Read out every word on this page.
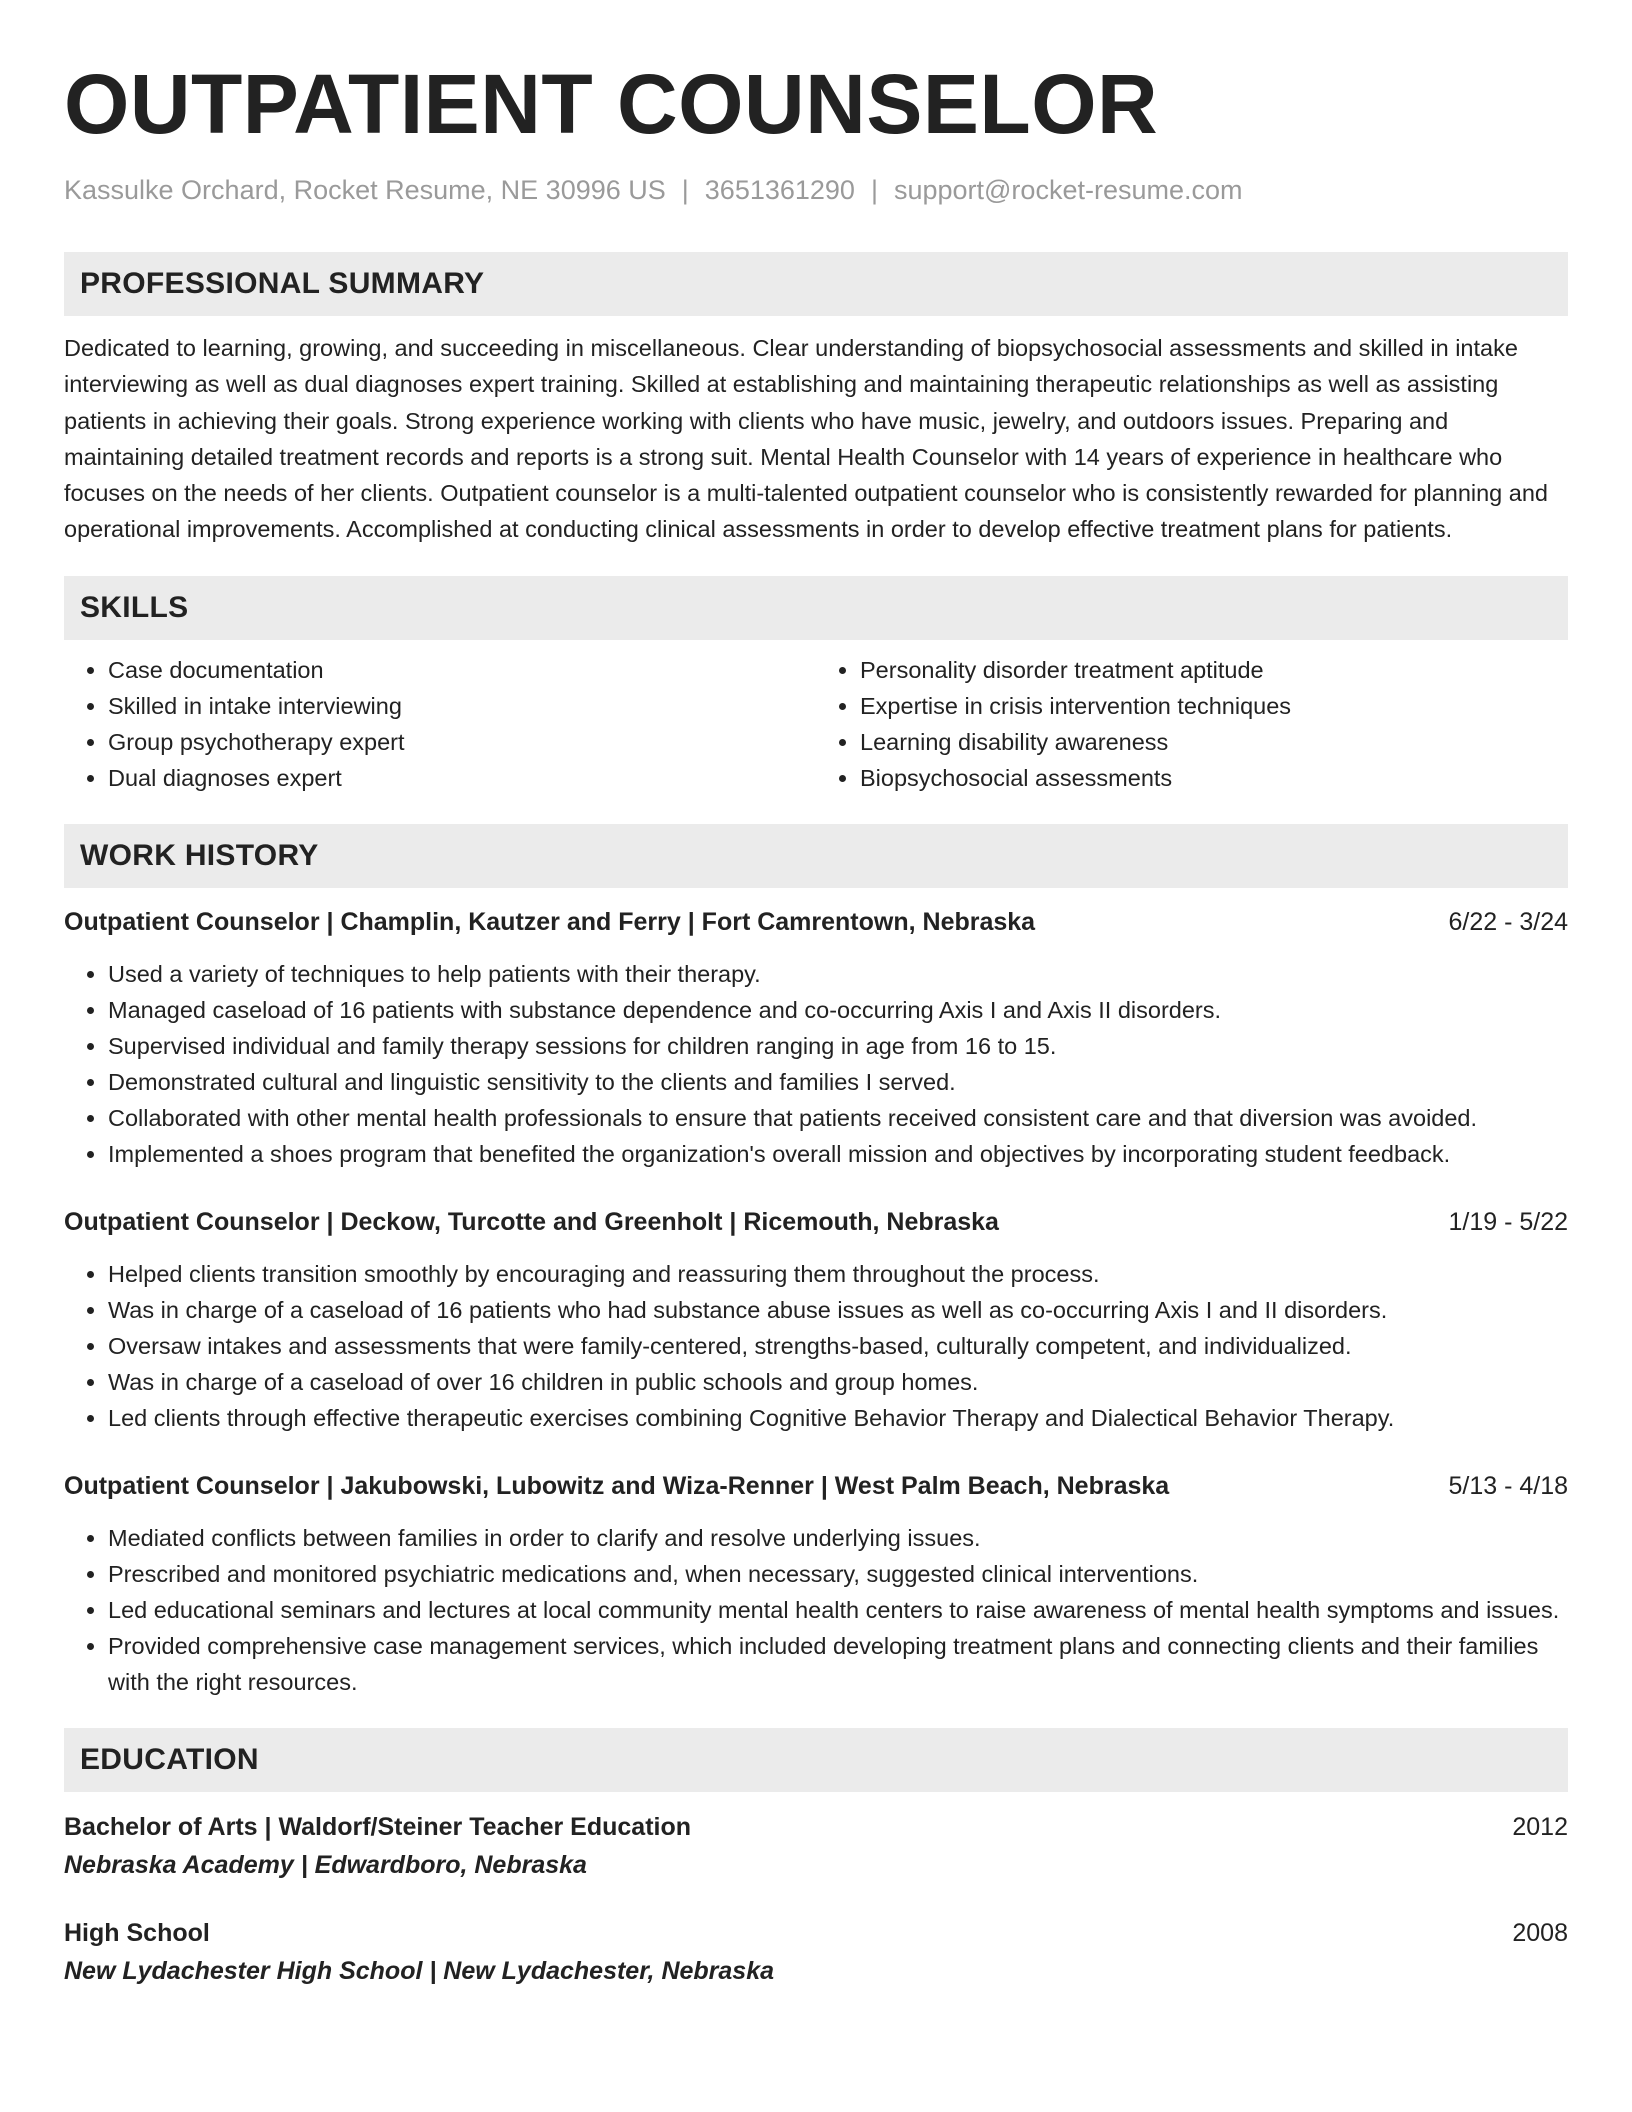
OUTPATIENT COUNSELOR
Kassulke Orchard, Rocket Resume, NE 30996 US | 3651361290 | support@rocket-resume.com
PROFESSIONAL SUMMARY

Dedicated to learning, growing, and succeeding in miscellaneous. Clear understanding of biopsychosocial assessments and skilled in intake interviewing as well as dual diagnoses expert training. Skilled at establishing and maintaining therapeutic relationships as well as assisting patients in achieving their goals. Strong experience working with clients who have music, jewelry, and outdoors issues. Preparing and maintaining detailed treatment records and reports is a strong suit. Mental Health Counselor with 14 years of experience in healthcare who focuses on the needs of her clients. Outpatient counselor is a multi-talented outpatient counselor who is consistently rewarded for planning and operational improvements. Accomplished at conducting clinical assessments in order to develop effective treatment plans for patients.

SKILLS
• Case documentation
• Skilled in intake interviewing
• Group psychotherapy expert
• Dual diagnoses expert
• Personality disorder treatment aptitude
• Expertise in crisis intervention techniques
• Learning disability awareness
• Biopsychosocial assessments
WORK HISTORY
Outpatient Counselor | Champlin, Kautzer and Ferry | Fort Camrentown, Nebraska	6/22 - 3/24
• Used a variety of techniques to help patients with their therapy.
• Managed caseload of 16 patients with substance dependence and co-occurring Axis I and Axis II disorders.
• Supervised individual and family therapy sessions for children ranging in age from 16 to 15.
• Demonstrated cultural and linguistic sensitivity to the clients and families I served.
• Collaborated with other mental health professionals to ensure that patients received consistent care and that diversion was avoided.
• Implemented a shoes program that benefited the organization's overall mission and objectives by incorporating student feedback.
Outpatient Counselor | Deckow, Turcotte and Greenholt | Ricemouth, Nebraska	1/19 - 5/22
• Helped clients transition smoothly by encouraging and reassuring them throughout the process.
• Was in charge of a caseload of 16 patients who had substance abuse issues as well as co-occurring Axis I and II disorders.
• Oversaw intakes and assessments that were family-centered, strengths-based, culturally competent, and individualized.
• Was in charge of a caseload of over 16 children in public schools and group homes.
• Led clients through effective therapeutic exercises combining Cognitive Behavior Therapy and Dialectical Behavior Therapy.
Outpatient Counselor | Jakubowski, Lubowitz and Wiza-Renner | West Palm Beach, Nebraska	5/13 - 4/18
• Mediated conflicts between families in order to clarify and resolve underlying issues.
• Prescribed and monitored psychiatric medications and, when necessary, suggested clinical interventions.
• Led educational seminars and lectures at local community mental health centers to raise awareness of mental health symptoms and issues.
• Provided comprehensive case management services, which included developing treatment plans and connecting clients and their families with the right resources.
EDUCATION
Bachelor of Arts | Waldorf/Steiner Teacher Education	2012
Nebraska Academy | Edwardboro, Nebraska
High School	2008
New Lydachester High School | New Lydachester, Nebraska
